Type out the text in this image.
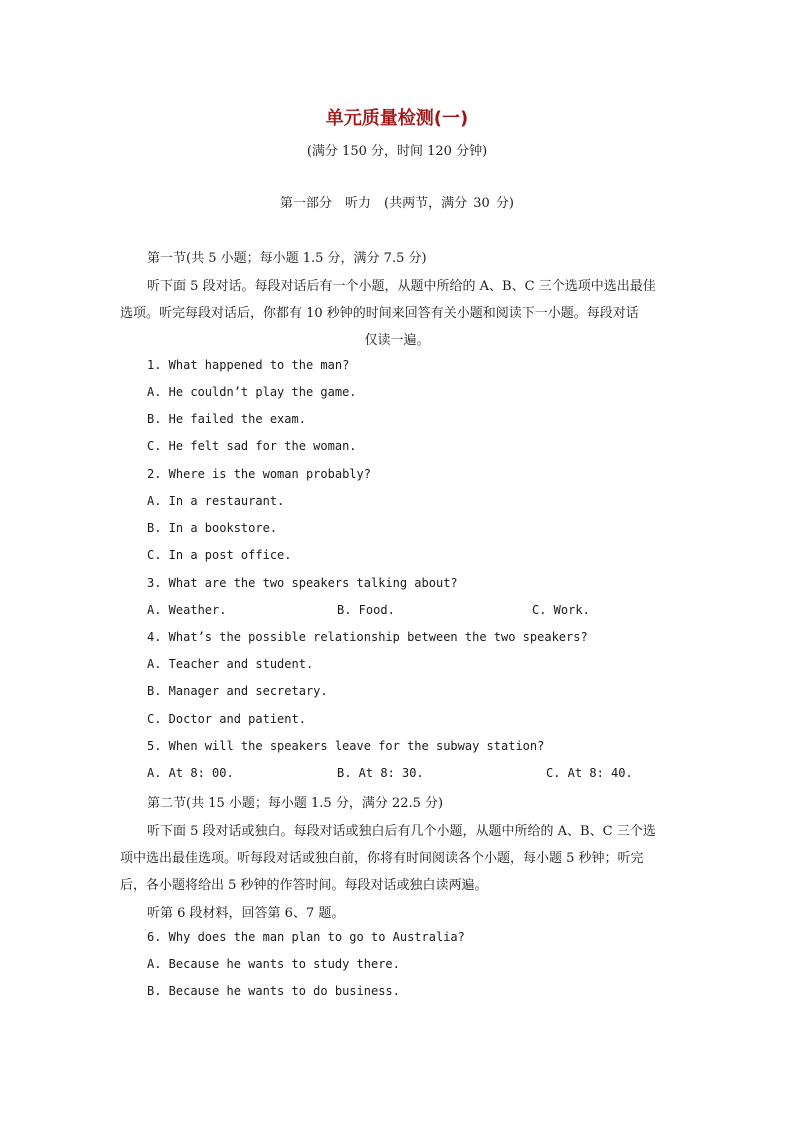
单元质量检测(一)
(满分 150 分，时间 120 分钟)
第一部分　听力　(共两节，满分 30 分)
第一节(共 5 小题；每小题 1.5 分，满分 7.5 分)
听下面 5 段对话。每段对话后有一个小题，从题中所给的 A、B、C 三个选项中选出最佳
选项。听完每段对话后，你都有 10 秒钟的时间来回答有关小题和阅读下一小题。每段对话
仅读一遍。
1. What happened to the man?
A. He couldn’t play the game.
B. He failed the exam.
C. He felt sad for the woman.
2. Where is the woman probably?
A. In a restaurant.
B. In a bookstore.
C. In a post office.
3. What are the two speakers talking about?
A. Weather.	B. Food.	C. Work.
4. What’s the possible relationship between the two speakers?
A. Teacher and student.
B. Manager and secretary.
C. Doctor and patient.
5. When will the speakers leave for the subway station?
A. At 8: 00.	B. At 8: 30.	C. At 8: 40.
第二节(共 15 小题；每小题 1.5 分，满分 22.5 分)
听下面 5 段对话或独白。每段对话或独白后有几个小题，从题中所给的 A、B、C 三个选
项中选出最佳选项。听每段对话或独白前，你将有时间阅读各个小题，每小题 5 秒钟；听完
后，各小题将给出 5 秒钟的作答时间。每段对话或独白读两遍。
听第 6 段材料，回答第 6、7 题。
6. Why does the man plan to go to Australia?
A. Because he wants to study there.
B. Because he wants to do business.
